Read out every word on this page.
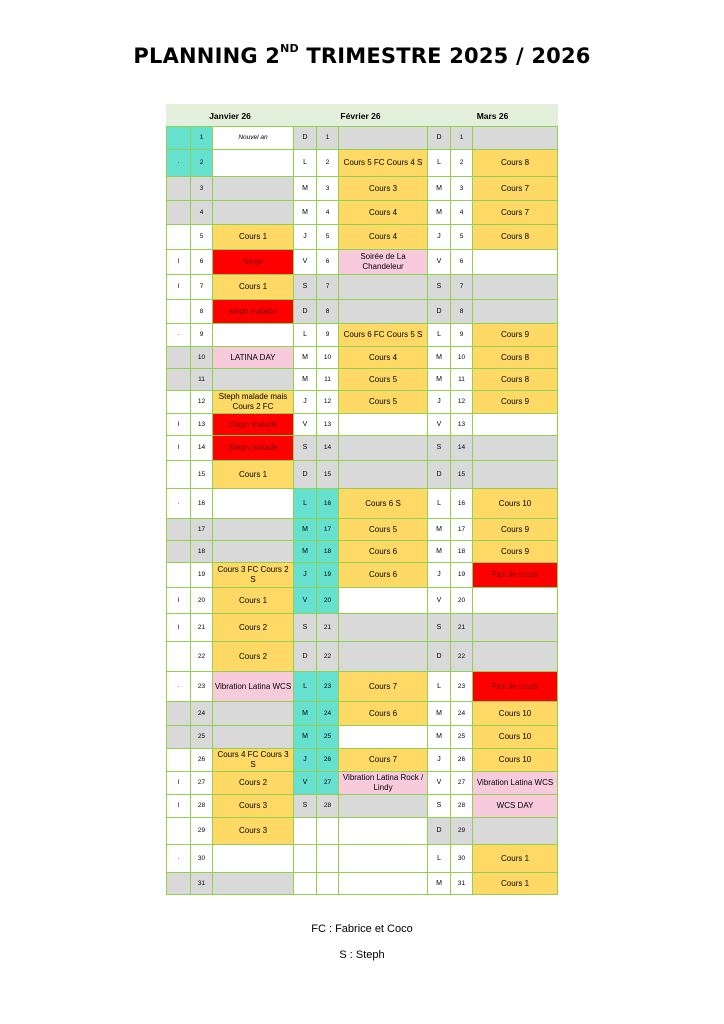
PLANNING 2ND TRIMESTRE 2025 / 2026
Janvier 26			Février 26			Mars 26		
	1	Nouvel an	D	1		D	1	
·	2		L	2	Cours 5 FC Cours 4 S	L	2	Cours 8
	3		M	3	Cours 3	M	3	Cours 7
	4		M	4	Cours 4	M	4	Cours 7
	5	Cours 1	J	5	Cours 4	J	5	Cours 8
I	6	Neige	V	6	Soirée de La Chandeleur	V	6	
I	7	Cours 1	S	7		S	7	
	8	steph malade	D	8		D	8	
·	9		L	9	Cours 6 FC Cours 5 S	L	9	Cours 9
	10	LATINA DAY	M	10	Cours 4	M	10	Cours 8
	11		M	11	Cours 5	M	11	Cours 8
	12	Steph malade mais Cours 2 FC	J	12	Cours 5	J	12	Cours 9
I	13	Steph malade	V	13		V	13	
I	14	Steph malade	S	14		S	14	
	15	Cours 1	D	15		D	15	
·	16		L	16	Cours 6 S	L	16	Cours 10
	17		M	17	Cours 5	M	17	Cours 9
	18		M	18	Cours 6	M	18	Cours 9
	19	Cours 3 FC Cours 2 S	J	19	Cours 6	J	19	Pas de cours
I	20	Cours 1	V	20		V	20	
I	21	Cours 2	S	21		S	21	
	22	Cours 2	D	22		D	22	
·	23	Vibration Latina WCS	L	23	Cours 7	L	23	Pas de cours
	24		M	24	Cours 6	M	24	Cours 10
	25		M	25		M	25	Cours 10
	26	Cours 4 FC Cours 3 S	J	26	Cours 7	J	26	Cours 10
I	27	Cours 2	V	27	Vibration Latina Rock / Lindy	V	27	Vibration Latina WCS
I	28	Cours 3	S	28		S	28	WCS DAY
	29	Cours 3				D	29	
·	30					L	30	Cours 1
	31					M	31	Cours 1
FC : Fabrice et Coco
S : Steph
